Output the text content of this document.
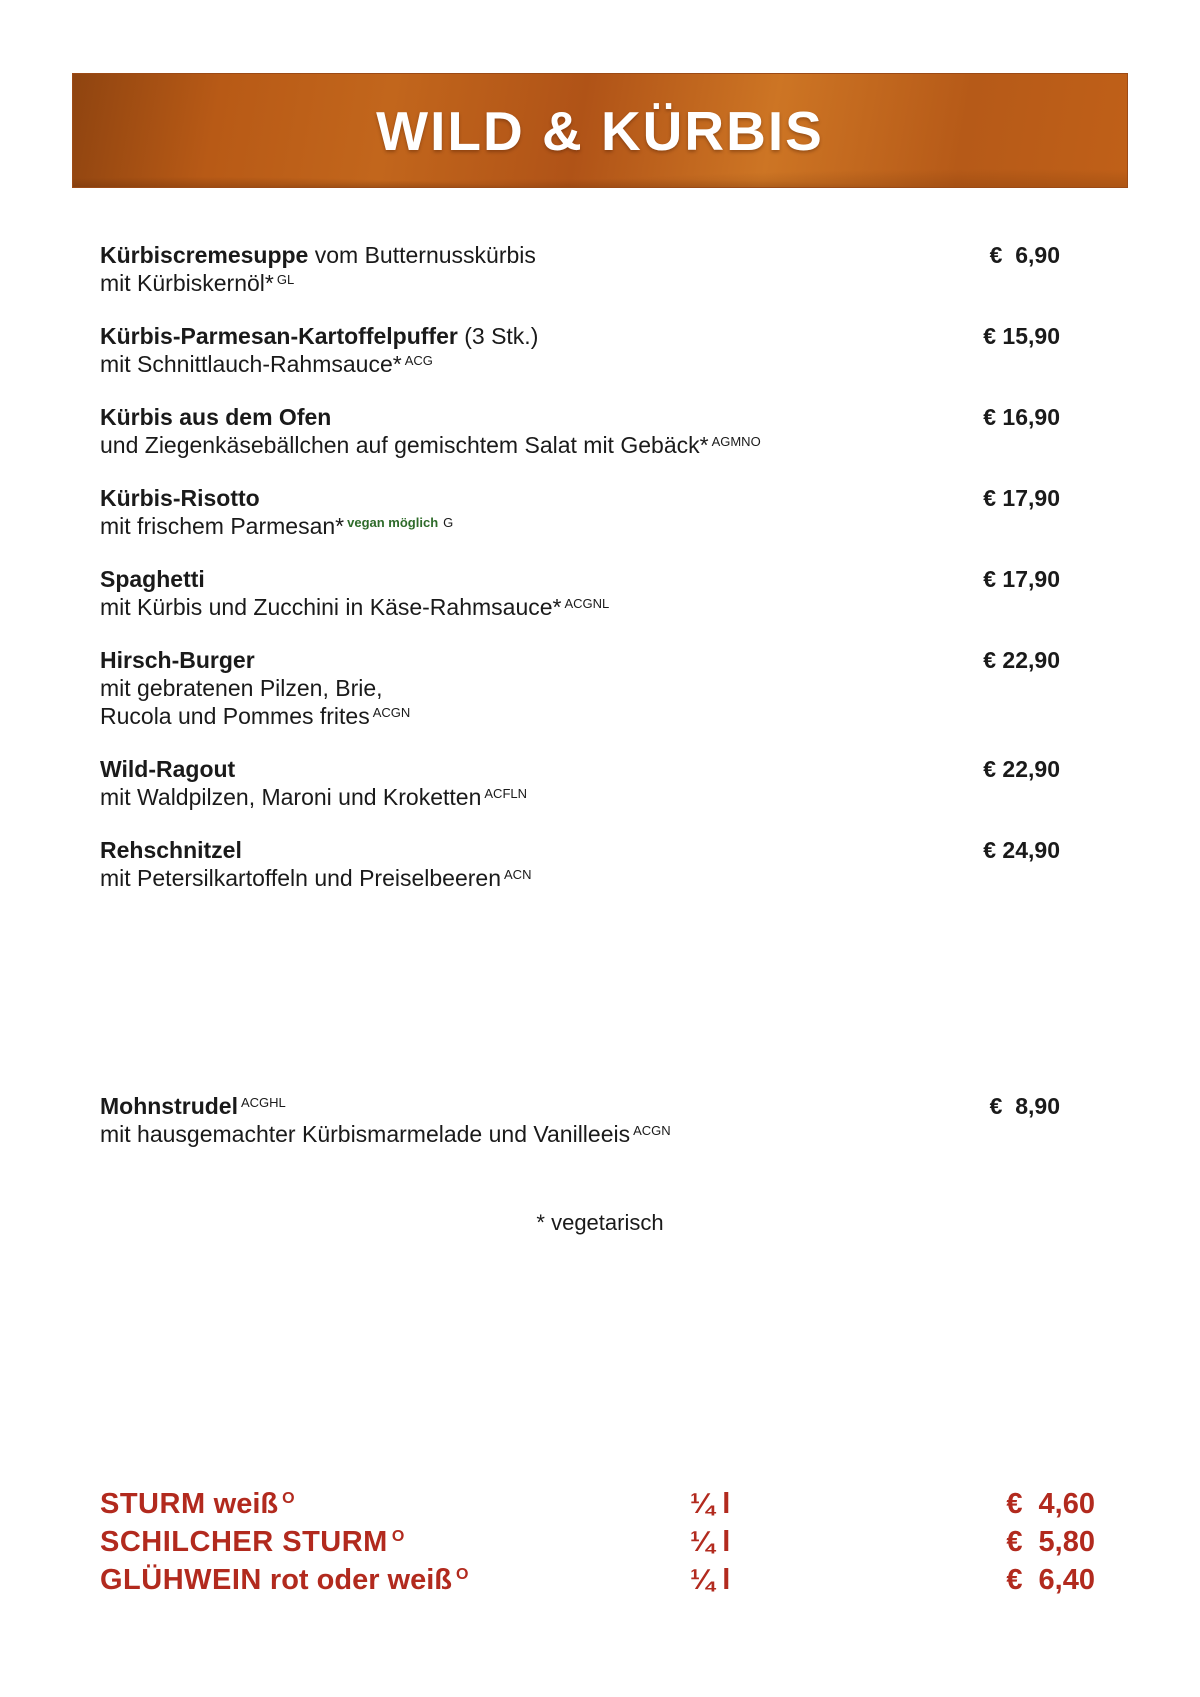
WILD & KÜRBIS
Kürbiscremesuppe vom Butternusskürbis	€  6,90
mit Kürbiskernöl* $^{GL}$
Kürbis-Parmesan-Kartoffelpuffer (3 Stk.)	€ 15,90
mit Schnittlauch-Rahmsauce* $^{ACG}$
Kürbis aus dem Ofen	€ 16,90
und Ziegenkäsebällchen auf gemischtem Salat mit Gebäck* $^{AGMNO}$
Kürbis-Risotto	€ 17,90
mit frischem Parmesan* $^{vegan möglich}$ $^G$
Spaghetti	€ 17,90
mit Kürbis und Zucchini in Käse-Rahmsauce* $^{ACGNL}$
Hirsch-Burger	€ 22,90
mit gebratenen Pilzen, Brie,
Rucola und Pommes frites $^{ACGN}$
Wild-Ragout	€ 22,90
mit Waldpilzen, Maroni und Kroketten $^{ACFLN}$
Rehschnitzel	€ 24,90
mit Petersilkartoffeln und Preiselbeeren $^{ACN}$
Mohnstrudel $^{ACGHL}$	€  8,90
mit hausgemachter Kürbismarmelade und Vanilleeis $^{ACGN}$
* vegetarisch
STURM weiß $^O$	¼ l	€  4,60
SCHILCHER STURM $^O$	¼ l	€  5,80
GLÜHWEIN rot oder weiß $^O$	¼ l	€  6,40
